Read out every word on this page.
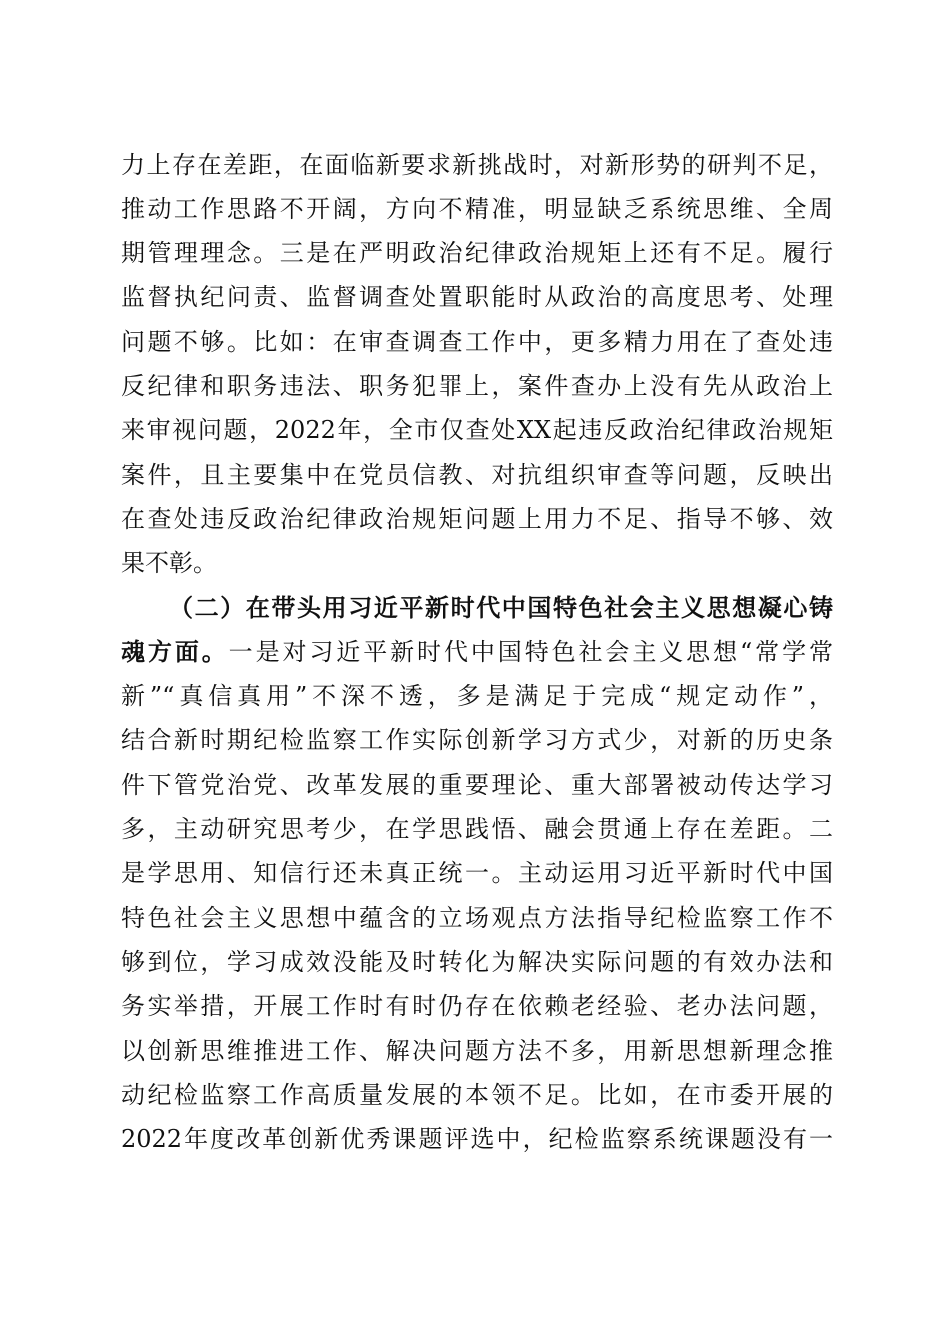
力上存在差距，在面临新要求新挑战时，对新形势的研判不足，
推动工作思路不开阔，方向不精准，明显缺乏系统思维、全周
期管理理念。三是在严明政治纪律政治规矩上还有不足。履行
监督执纪问责、监督调查处置职能时从政治的高度思考、处理
问题不够。比如：在审查调查工作中，更多精力用在了查处违
反纪律和职务违法、职务犯罪上，案件查办上没有先从政治上
来审视问题，2022年，全市仅查处XX起违反政治纪律政治规矩
案件，且主要集中在党员信教、对抗组织审查等问题，反映出
在查处违反政治纪律政治规矩问题上用力不足、指导不够、效
果不彰。
（二）在带头用习近平新时代中国特色社会主义思想凝心铸
魂方面。一是对习近平新时代中国特色社会主义思想“常学常
新”“真信真用”不深不透，多是满足于完成“规定动作”，
结合新时期纪检监察工作实际创新学习方式少，对新的历史条
件下管党治党、改革发展的重要理论、重大部署被动传达学习
多，主动研究思考少，在学思践悟、融会贯通上存在差距。二
是学思用、知信行还未真正统一。主动运用习近平新时代中国
特色社会主义思想中蕴含的立场观点方法指导纪检监察工作不
够到位，学习成效没能及时转化为解决实际问题的有效办法和
务实举措，开展工作时有时仍存在依赖老经验、老办法问题，
以创新思维推进工作、解决问题方法不多，用新思想新理念推
动纪检监察工作高质量发展的本领不足。比如，在市委开展的
2022年度改革创新优秀课题评选中，纪检监察系统课题没有一
